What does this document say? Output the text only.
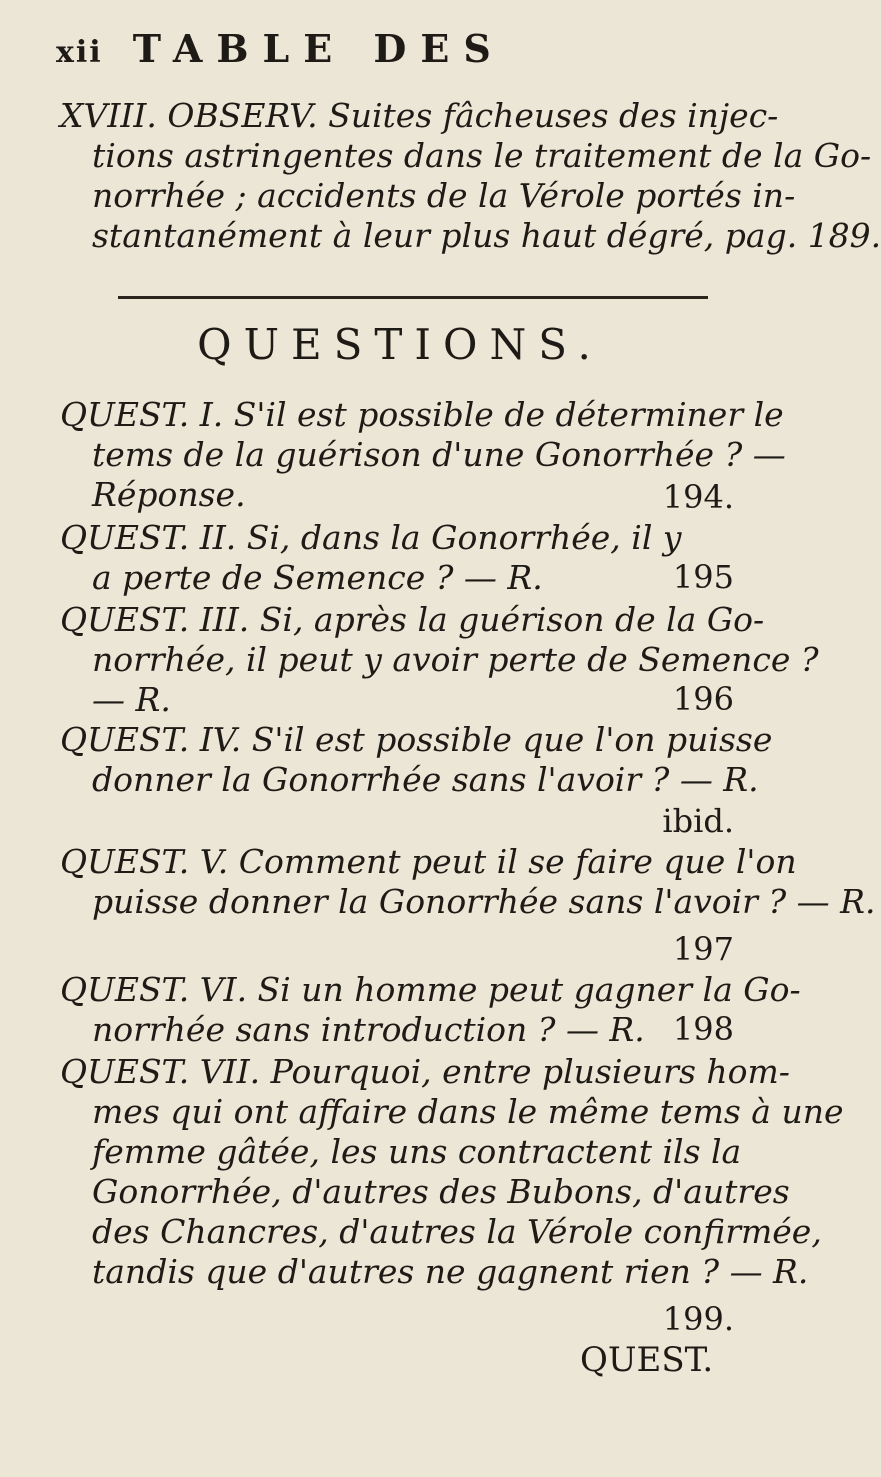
xii TABLE DES
XVIII. OBSERV. Suites fâcheuses des injec-
tions astringentes dans le traitement de la Go-
norrhée ; accidents de la Vérole portés in-
stantanément à leur plus haut dégré, pag. 189.
QUESTIONS.
QUEST. I. S'il est possible de déterminer le
tems de la guérison d'une Gonorrhée ? —
Réponse.	194.
QUEST. II. Si, dans la Gonorrhée, il y
a perte de Semence ? — R.	195
QUEST. III. Si, après la guérison de la Go-
norrhée, il peut y avoir perte de Semence ?
— R.	196
QUEST. IV. S'il est possible que l'on puisse
donner la Gonorrhée sans l'avoir ? — R.
ibid.
QUEST. V. Comment peut il se faire que l'on
puisse donner la Gonorrhée sans l'avoir ? — R.
197
QUEST. VI. Si un homme peut gagner la Go-
norrhée sans introduction ? — R. 198
QUEST. VII. Pourquoi, entre plusieurs hom-
mes qui ont affaire dans le même tems à une
femme gâtée, les uns contractent ils la
Gonorrhée, d'autres des Bubons, d'autres
des Chancres, d'autres la Vérole confirmée,
tandis que d'autres ne gagnent rien ? — R.
199.
QUEST.
